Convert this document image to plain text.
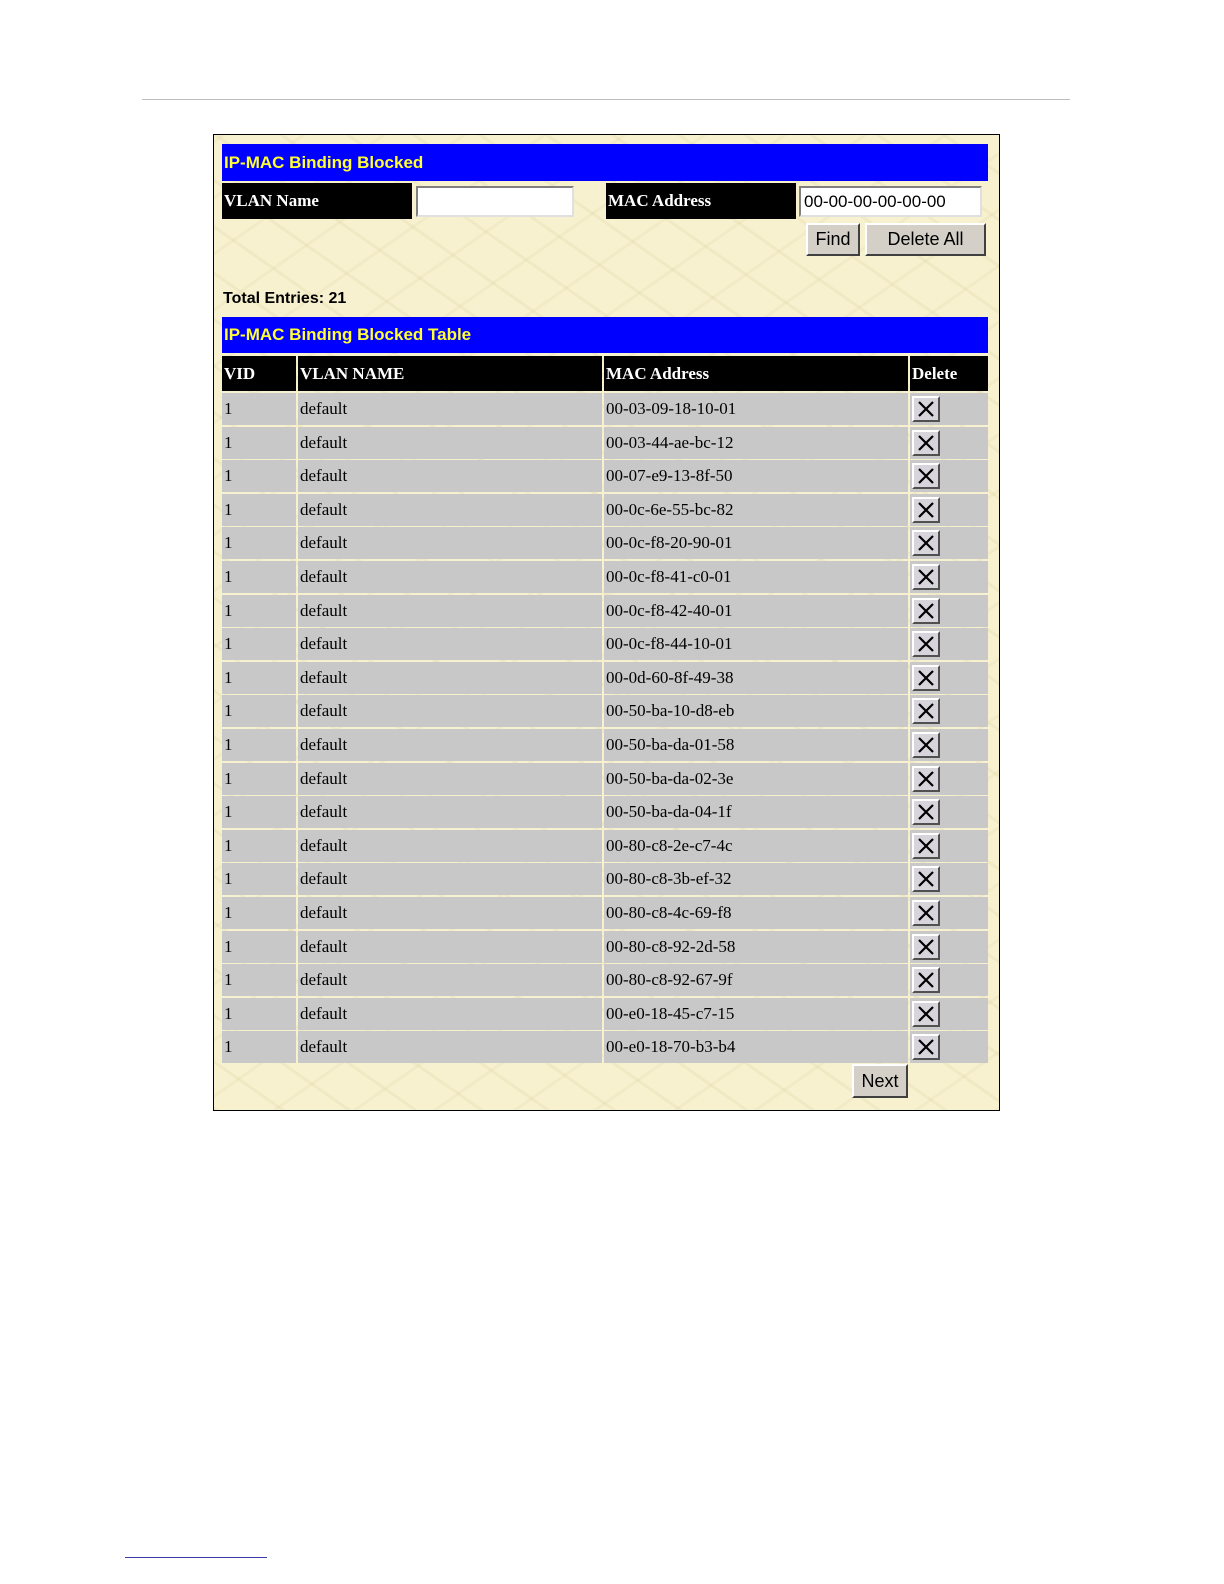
IP-MAC Binding Blocked
VLAN Name	MAC Address
00-00-00-00-00-00
Find	Delete All
Total Entries: 21
IP-MAC Binding Blocked Table
VID	VLAN NAME	MAC Address	Delete
1	default	00-03-09-18-10-01
1	default	00-03-44-ae-bc-12
1	default	00-07-e9-13-8f-50
1	default	00-0c-6e-55-bc-82
1	default	00-0c-f8-20-90-01
1	default	00-0c-f8-41-c0-01
1	default	00-0c-f8-42-40-01
1	default	00-0c-f8-44-10-01
1	default	00-0d-60-8f-49-38
1	default	00-50-ba-10-d8-eb
1	default	00-50-ba-da-01-58
1	default	00-50-ba-da-02-3e
1	default	00-50-ba-da-04-1f
1	default	00-80-c8-2e-c7-4c
1	default	00-80-c8-3b-ef-32
1	default	00-80-c8-4c-69-f8
1	default	00-80-c8-92-2d-58
1	default	00-80-c8-92-67-9f
1	default	00-e0-18-45-c7-15
1	default	00-e0-18-70-b3-b4
Next
